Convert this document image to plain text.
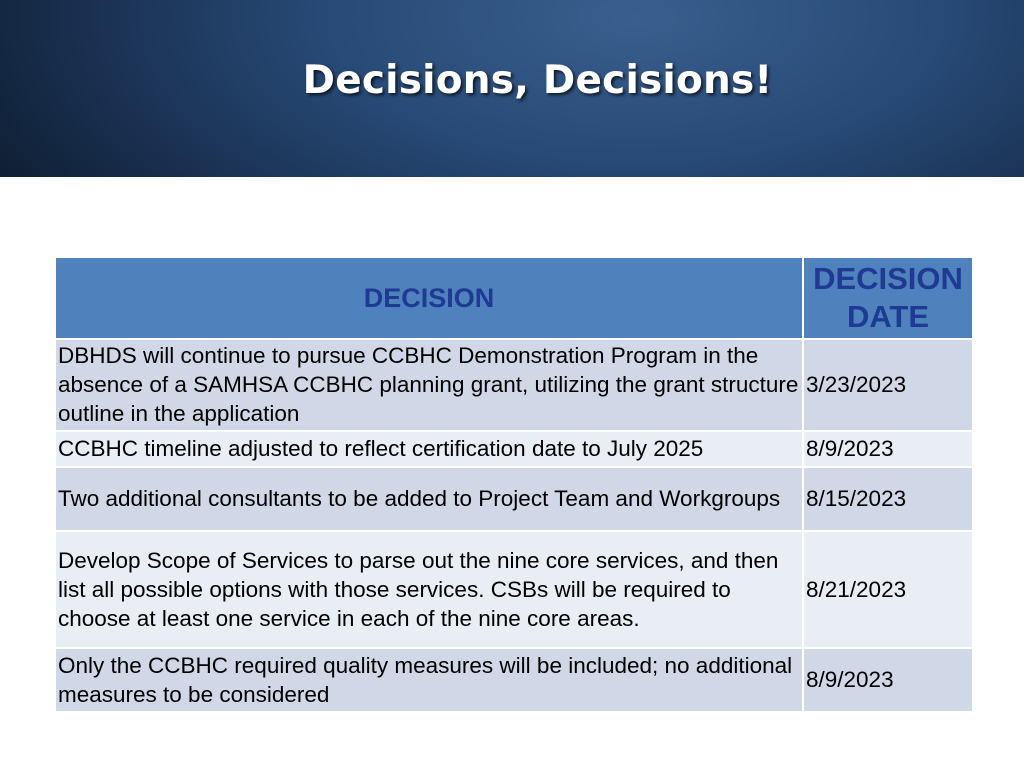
Decisions, Decisions!
DECISION	DECISION DATE
DBHDS will continue to pursue CCBHC Demonstration Program in the absence of a SAMHSA CCBHC planning grant, utilizing the grant structure outline in the application	3/23/2023
CCBHC timeline adjusted to reflect certification date to July 2025	8/9/2023
Two additional consultants to be added to Project Team and Workgroups	8/15/2023
Develop Scope of Services to parse out the nine core services, and then list all possible options with those services. CSBs will be required to choose at least one service in each of the nine core areas.	8/21/2023
Only the CCBHC required quality measures will be included; no additional measures to be considered	8/9/2023
